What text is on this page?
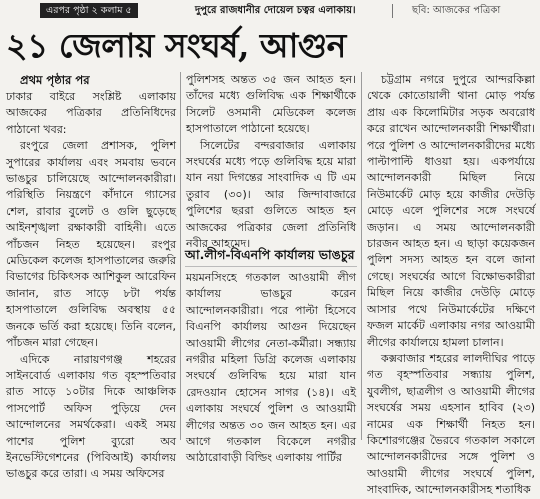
এরপর পৃষ্ঠা ২ কলাম ৫	দুপুরে রাজধানীর দোয়েল চত্বর এলাকায়।	ছবি: আজকের পত্রিকা
২১ জেলায় সংঘর্ষ, আগুন

প্রথম পৃষ্ঠার পর

ঢাকার বাইরে সংশ্লিষ্ট এলাকায় আজকের পত্রিকার প্রতিনিধিদের পাঠানো খবর:

রংপুরে জেলা প্রশাসক, পুলিশ সুপারের কার্যালয় এবং সমবায় ভবনে ভাঙচুর চালিয়েছে আন্দোলনকারীরা। পরিস্থিতি নিয়ন্ত্রণে কাঁদানে গ্যাসের শেল, রাবার বুলেট ও গুলি ছুড়েছে আইনশৃঙ্খলা রক্ষাকারী বাহিনী। এতে পাঁচজন নিহত হয়েছেন। রংপুর মেডিকেল কলেজ হাসপাতালের জরুরি বিভাগের চিকিৎসক আশিকুল আরেফিন জানান, রাত সাড়ে ৮টা পর্যন্ত হাসপাতালে গুলিবিদ্ধ অবস্থায় ৫৫ জনকে ভর্তি করা হয়েছে। তিনি বলেন, পাঁচজন মারা গেছেন।

এদিকে নারায়ণগঞ্জ শহরের সাইনবোর্ড এলাকায় গত বৃহস্পতিবার রাত সাড়ে ১০টার দিকে আঞ্চলিক পাসপোর্ট অফিস পুড়িয়ে দেন আন্দোলনের সমর্থকেরা। একই সময় পাশের পুলিশ ব্যুরো অব ইনভেস্টিগেশনের (পিবিআই) কার্যালয় ভাঙচুর করে তারা। এ সময় অফিসের

পুলিশসহ অন্তত ৩৫ জন আহত হন। তাঁদের মধ্যে গুলিবিদ্ধ এক শিক্ষার্থীকে সিলেট ওসমানী মেডিকেল কলেজ হাসপাতালে পাঠানো হয়েছে।

সিলেটের বন্দরবাজার এলাকায় সংঘর্ষের মধ্যে পড়ে গুলিবিদ্ধ হয়ে মারা যান নয়া দিগন্তের সাংবাদিক এ টি এম তুরাব (৩০)। আর জিন্দাবাজারে পুলিশের ছররা গুলিতে আহত হন আজকের পত্রিকার জেলা প্রতিনিধি নবীর আহমেদ।

আ.লীগ-বিএনপি কার্যালয় ভাঙচুর

ময়মনসিংহে গতকাল আওয়ামী লীগ কার্যালয় ভাঙচুর করেন আন্দোলনকারীরা। পরে পাল্টা হিসেবে বিএনপি কার্যালয় আগুন দিয়েছেন আওয়ামী লীগের নেতা-কর্মীরা। সন্ধ্যায় নগরীর মহিলা ডিগ্রি কলেজ এলাকায় সংঘর্ষে গুলিবিদ্ধ হয়ে মারা যান রেদওয়ান হোসেন সাগর (১৪)। এই এলাকায় সংঘর্ষে পুলিশ ও আওয়ামী লীগের অন্তত ৩০ জন আহত হন। এর আগে গতকাল বিকেলে নগরীর আঠারোবাড়ী বিল্ডিং এলাকায় পার্টির

চট্টগ্রাম নগরে দুপুরে আন্দরকিল্লা থেকে কোতোয়ালী থানা মোড় পর্যন্ত প্রায় এক কিলোমিটার সড়ক অবরোধ করে রাখেন আন্দোলনকারী শিক্ষার্থীরা। পরে পুলিশ ও আন্দোলনকারীদের মধ্যে পাল্টাপাল্টি ধাওয়া হয়। একপর্যায়ে আন্দোলনকারী মিছিল নিয়ে নিউমার্কেট মোড় হয়ে কাজীর দেউড়ি মোড়ে এলে পুলিশের সঙ্গে সংঘর্ষে জড়ান। এ সময় আন্দোলনকারী চারজন আহত হন। এ ছাড়া কয়েকজন পুলিশ সদস্য আহত হন বলে জানা গেছে। সংঘর্ষের আগে বিক্ষোভকারীরা মিছিল নিয়ে কাজীর দেউড়ি মোড়ে আসার পথে নিউমার্কেটের দক্ষিণে ফজল মার্কেট এলাকায় নগর আওয়ামী লীগের কার্যালয়ে হামলা চালান।

কক্সবাজার শহরের লালদীঘির পাড়ে গত বৃহস্পতিবার সন্ধ্যায় পুলিশ, যুবলীগ, ছাত্রলীগ ও আওয়ামী লীগের সংঘর্ষের সময় এহসান হাবিব (২৩) নামের এক শিক্ষার্থী নিহত হন। কিশোরগঞ্জের ভৈরবে গতকাল সকালে আন্দোলনকারীদের সঙ্গে পুলিশ ও আওয়ামী লীগের সংঘর্ষে পুলিশ, সাংবাদিক, আন্দোলনকারীসহ শতাধিক
